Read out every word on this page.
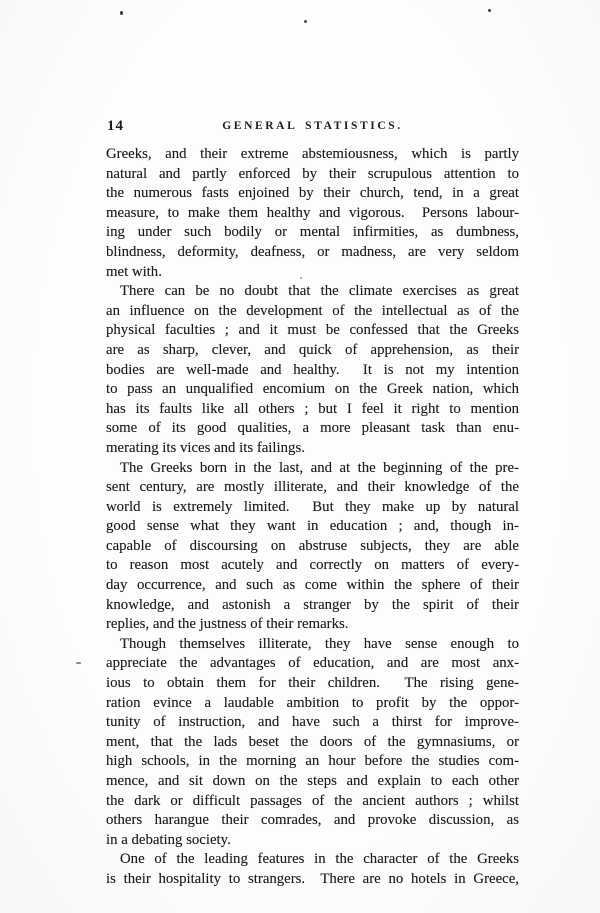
14	GENERAL STATISTICS.
Greeks, and their extreme abstemiousness, which is partly
natural and partly enforced by their scrupulous attention to
the numerous fasts enjoined by their church, tend, in a great
measure, to make them healthy and vigorous.  Persons labour-
ing under such bodily or mental infirmities, as dumbness,
blindness, deformity, deafness, or madness, are very seldom
met with.
There can be no doubt that the climate exercises as great
an influence on the development of the intellectual as of the
physical faculties ; and it must be confessed that the Greeks
are as sharp, clever, and quick of apprehension, as their
bodies are well-made and healthy.  It is not my intention
to pass an unqualified encomium on the Greek nation, which
has its faults like all others ; but I feel it right to mention
some of its good qualities, a more pleasant task than enu-
merating its vices and its failings.
The Greeks born in the last, and at the beginning of the pre-
sent century, are mostly illiterate, and their knowledge of the
world is extremely limited.  But they make up by natural
good sense what they want in education ; and, though in-
capable of discoursing on abstruse subjects, they are able
to reason most acutely and correctly on matters of every-
day occurrence, and such as come within the sphere of their
knowledge, and astonish a stranger by the spirit of their
replies, and the justness of their remarks.
Though themselves illiterate, they have sense enough to
appreciate the advantages of education, and are most anx-
ious to obtain them for their children.  The rising gene-
ration evince a laudable ambition to profit by the oppor-
tunity of instruction, and have such a thirst for improve-
ment, that the lads beset the doors of the gymnasiums, or
high schools, in the morning an hour before the studies com-
mence, and sit down on the steps and explain to each other
the dark or difficult passages of the ancient authors ; whilst
others harangue their comrades, and provoke discussion, as
in a debating society.
One of the leading features in the character of the Greeks
is their hospitality to strangers.  There are no hotels in Greece,
